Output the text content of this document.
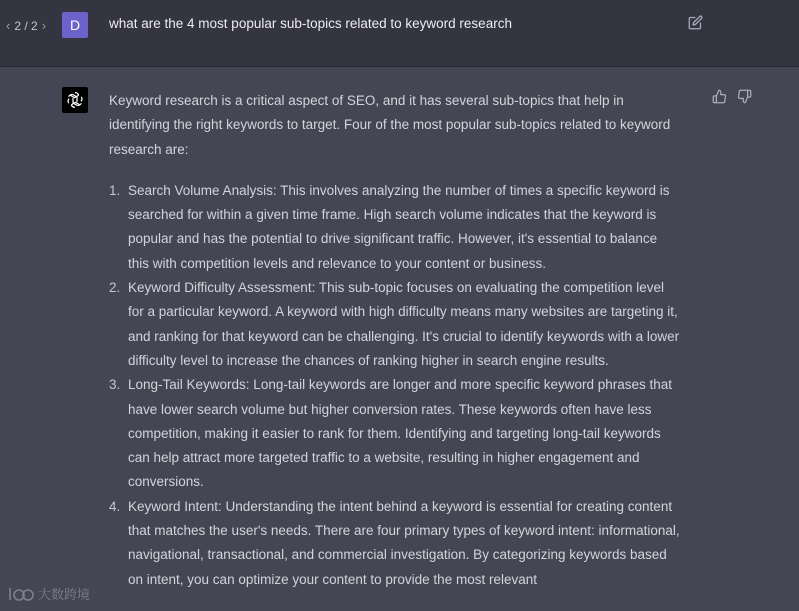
‹ 2 / 2 › D what are the 4 most popular sub-topics related to keyword research

Keyword research is a critical aspect of SEO, and it has several sub-topics that help in identifying the right keywords to target. Four of the most popular sub-topics related to keyword research are:

1. Search Volume Analysis: This involves analyzing the number of times a specific keyword is searched for within a given time frame. High search volume indicates that the keyword is popular and has the potential to drive significant traffic. However, it's essential to balance this with competition levels and relevance to your content or business.
2. Keyword Difficulty Assessment: This sub-topic focuses on evaluating the competition level for a particular keyword. A keyword with high difficulty means many websites are targeting it, and ranking for that keyword can be challenging. It's crucial to identify keywords with a lower difficulty level to increase the chances of ranking higher in search engine results.
3. Long-Tail Keywords: Long-tail keywords are longer and more specific keyword phrases that have lower search volume but higher conversion rates. These keywords often have less competition, making it easier to rank for them. Identifying and targeting long-tail keywords can help attract more targeted traffic to a website, resulting in higher engagement and conversions.
4. Keyword Intent: Understanding the intent behind a keyword is essential for creating content that matches the user's needs. There are four primary types of keyword intent: informational, navigational, transactional, and commercial investigation. By categorizing keywords based on intent, you can optimize your content to provide the most relevant
大数跨境
